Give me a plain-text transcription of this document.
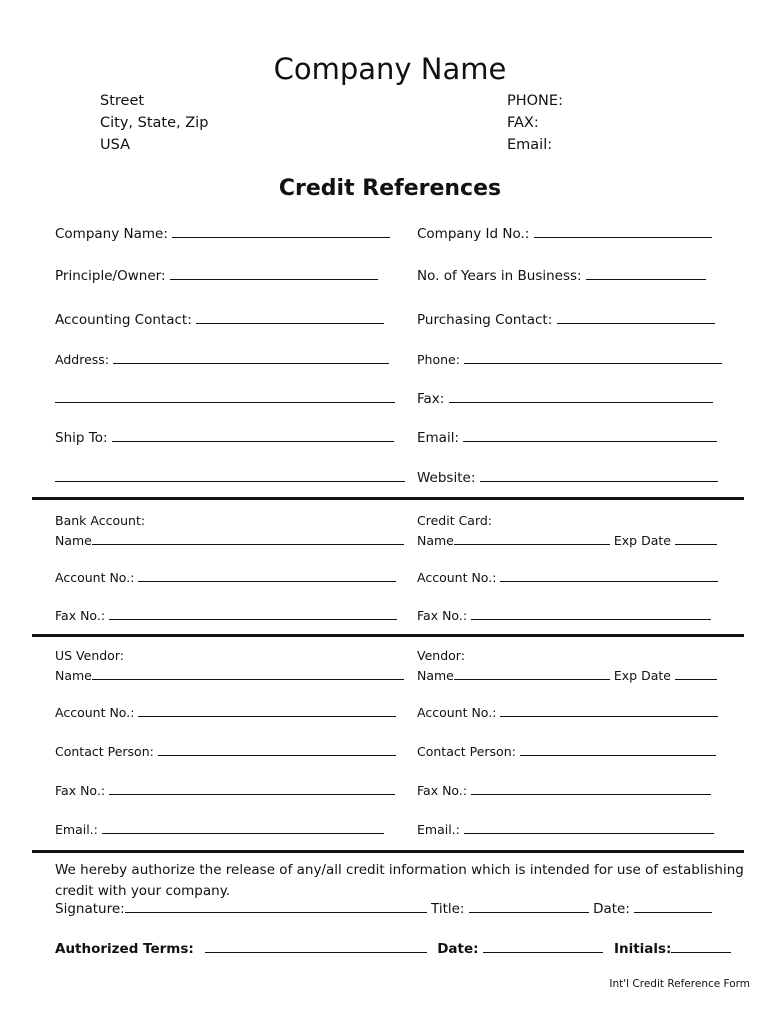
Company Name
Street
City, State, Zip
USA
PHONE:
FAX:
Email:
Credit References
Company Name:	Company Id No.:
Principle/Owner:	No. of Years in Business:
Accounting Contact:	Purchasing Contact:
Address:	Phone:
Fax:
Ship To:	Email:
Website:
Bank Account:	Credit Card:
Name	Name	Exp Date
Account No.:	Account No.:
Fax No.:	Fax No.:
US Vendor:	Vendor:
Name	Name	Exp Date
Account No.:	Account No.:
Contact Person:	Contact Person:
Fax No.:	Fax No.:
Email.:	Email.:
We hereby authorize the release of any/all credit information which is intended for use of establishing credit with your company.
Signature:	Title:	Date:
Authorized Terms:	Date:	Initials:
Int'l Credit Reference Form
